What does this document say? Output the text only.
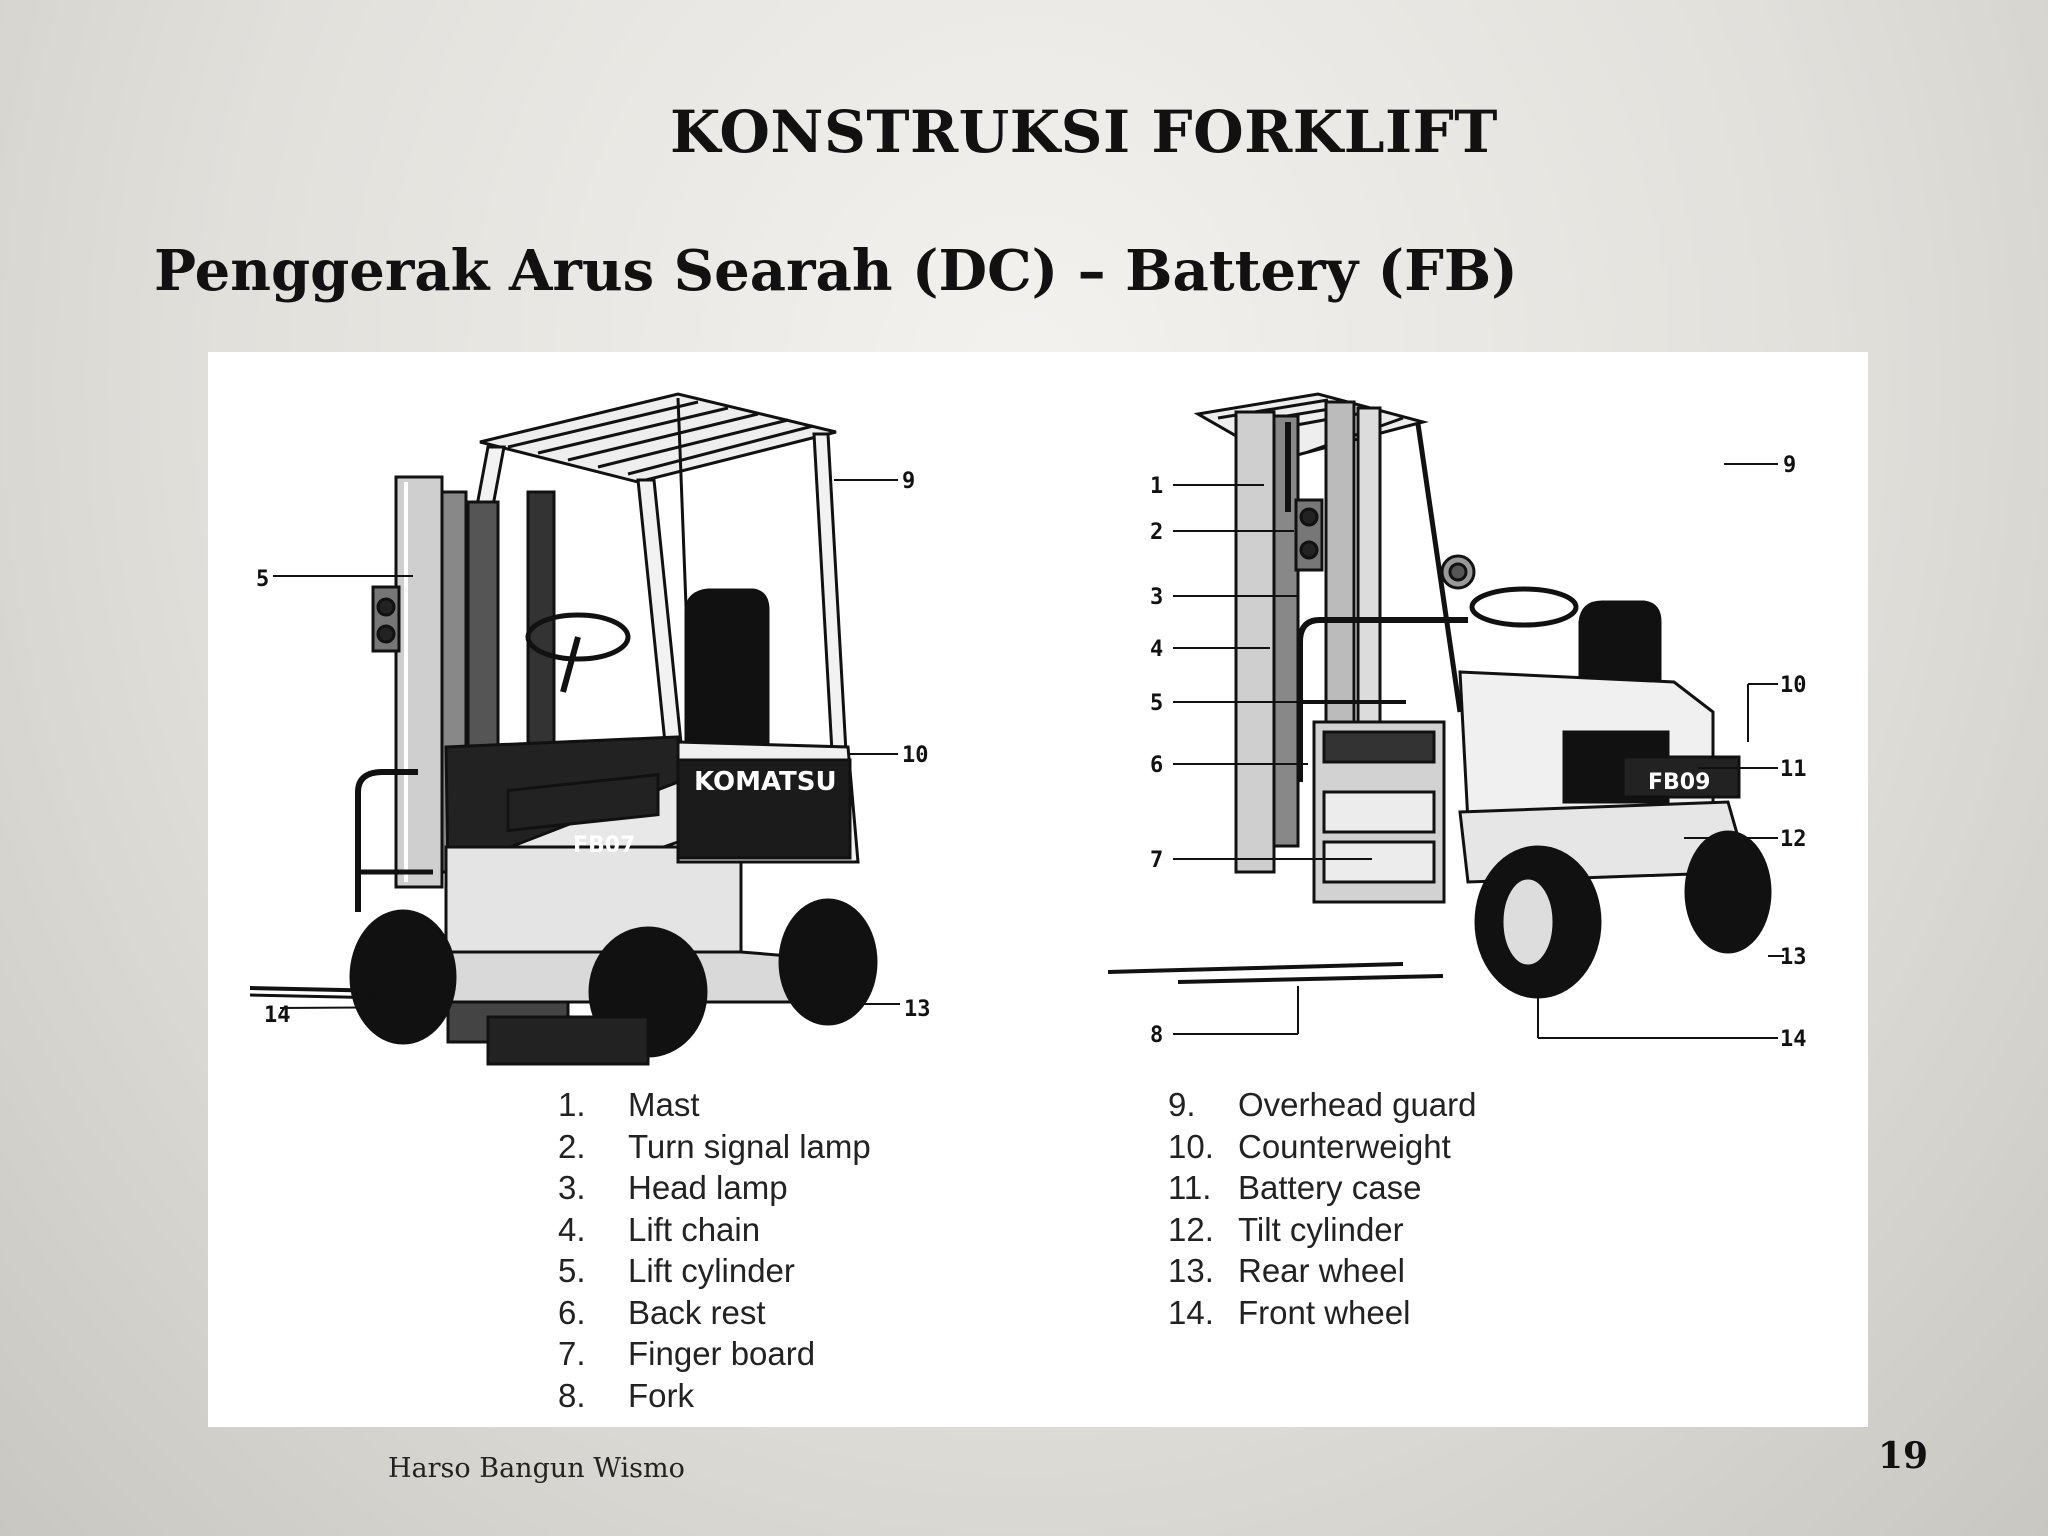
KONSTRUKSI FORKLIFT
Penggerak Arus Searah (DC) – Battery (FB)
KOMATSU
FB07
5
9
10
13
14
FB09
1
2
3
4
5
6
7
8
9
10
11
12
13
14
1.	Mast
2.	Turn signal lamp
3.	Head lamp
4.	Lift chain
5.	Lift cylinder
6.	Back rest
7.	Finger board
8.	Fork
9.	Overhead guard
10. Counterweight
11. Battery case
12. Tilt cylinder
13. Rear wheel
14. Front wheel
Harso Bangun Wismo	19
